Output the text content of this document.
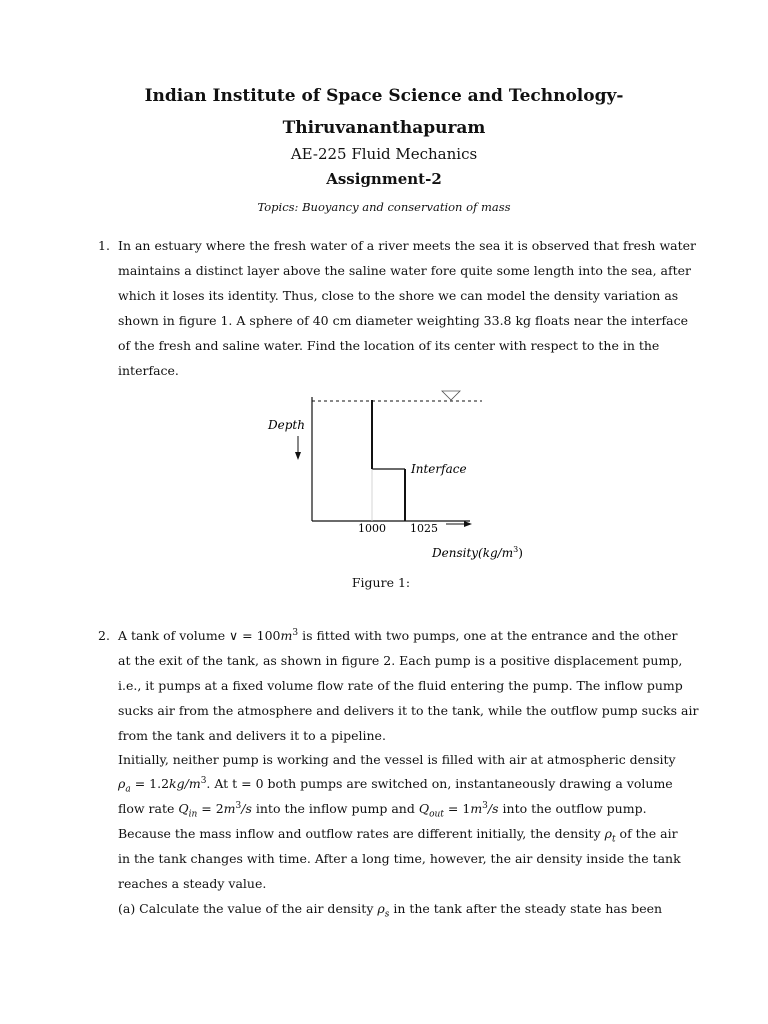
Indian Institute of Space Science and Technology-
Thiruvananthapuram
AE-225 Fluid Mechanics
Assignment-2
Topics: Buoyancy and conservation of mass
1. In an estuary where the fresh water of a river meets the sea it is observed that fresh water
maintains a distinct layer above the saline water fore quite some length into the sea, after
which it loses its identity. Thus, close to the shore we can model the density variation as
shown in figure 1. A sphere of 40 cm diameter weighting 33.8 kg floats near the interface
of the fresh and saline water. Find the location of its center with respect to the in the
interface.
Depth
Interface
1000 1025
$Density(kg/m^3)$
Figure 1:
2. A tank of volume ∨ = $100m^3$ is fitted with two pumps, one at the entrance and the other
at the exit of the tank, as shown in figure 2. Each pump is a positive displacement pump,
i.e., it pumps at a fixed volume flow rate of the fluid entering the pump. The inflow pump
sucks air from the atmosphere and delivers it to the tank, while the outflow pump sucks air
from the tank and delivers it to a pipeline.
Initially, neither pump is working and the vessel is filled with air at atmospheric density
$\rho_a = 1.2kg/m^3$. At t = 0 both pumps are switched on, instantaneously drawing a volume
flow rate $Q_{in} = 2m^3/s$ into the inflow pump and $Q_{out} = 1m^3/s$ into the outflow pump.
Because the mass inflow and outflow rates are different initially, the density $\rho_t$ of the air
in the tank changes with time. After a long time, however, the air density inside the tank
reaches a steady value.
(a) Calculate the value of the air density $\rho_s$ in the tank after the steady state has been
